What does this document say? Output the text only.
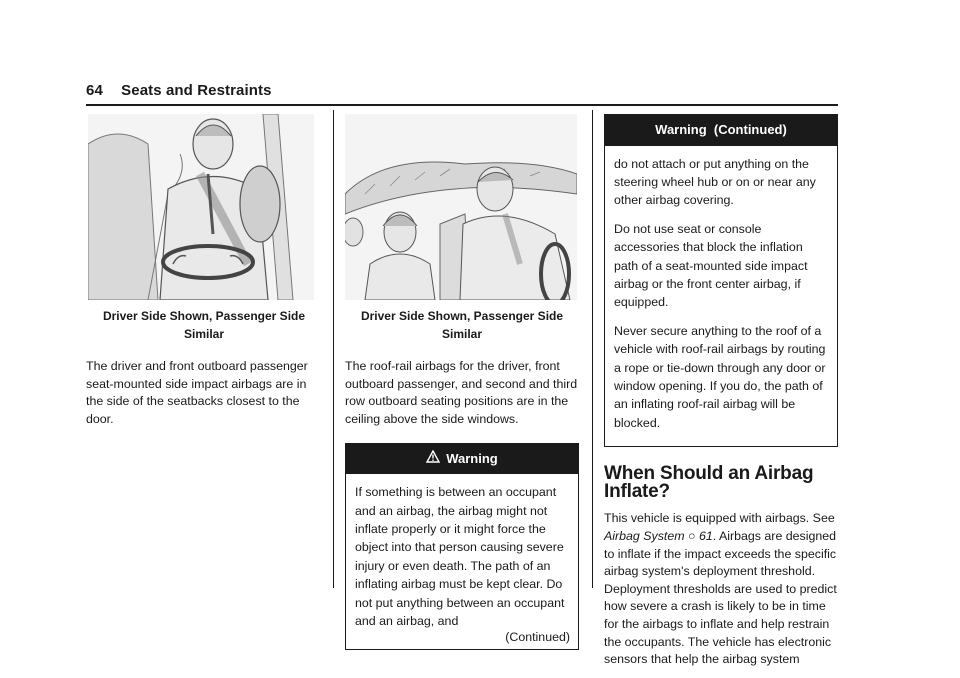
64 Seats and Restraints
Driver Side Shown, Passenger Side Similar

The driver and front outboard passenger seat-mounted side impact airbags are in the side of the seatbacks closest to the door.

Driver Side Shown, Passenger Side Similar

The roof-rail airbags for the driver, front outboard passenger, and second and third row outboard seating positions are in the ceiling above the side windows.

Warning

If something is between an occupant and an airbag, the airbag might not inflate properly or it might force the object into that person causing severe injury or even death. The path of an inflating airbag must be kept clear. Do not put anything between an occupant and an airbag, and

(Continued)
Warning  (Continued)

do not attach or put anything on the steering wheel hub or on or near any other airbag covering.

Do not use seat or console accessories that block the inflation path of a seat-mounted side impact airbag or the front center airbag, if equipped.

Never secure anything to the roof of a vehicle with roof-rail airbags by routing a rope or tie-down through any door or window opening. If you do, the path of an inflating roof-rail airbag will be blocked.

When Should an Airbag Inflate?

This vehicle is equipped with airbags. See Airbag System ○ 61. Airbags are designed to inflate if the impact exceeds the specific airbag system's deployment threshold. Deployment thresholds are used to predict how severe a crash is likely to be in time for the airbags to inflate and help restrain the occupants. The vehicle has electronic sensors that help the airbag system
